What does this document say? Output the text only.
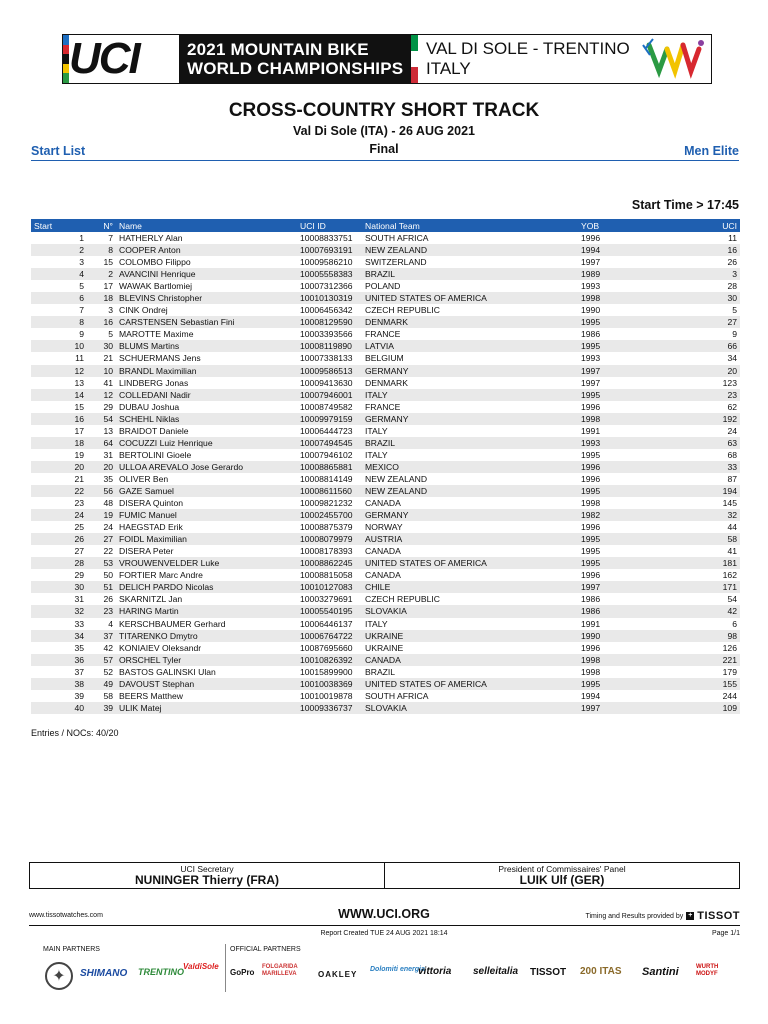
UCI	2021 MOUNTAIN BIKE
WORLD CHAMPIONSHIPS
VAL DI SOLE - TRENTINO
ITALY
CROSS-COUNTRY SHORT TRACK
Val Di Sole (ITA) - 26 AUG 2021
Final
Start List	Men Elite
Start Time > 17:45
Start	N°	Name	UCI ID	National Team	YOB	UCI
1	7	HATHERLY Alan	10008833751	SOUTH AFRICA	1996	11
2	8	COOPER Anton	10007693191	NEW ZEALAND	1994	16
3	15	COLOMBO Filippo	10009586210	SWITZERLAND	1997	26
4	2	AVANCINI Henrique	10005558383	BRAZIL	1989	3
5	17	WAWAK Bartlomiej	10007312366	POLAND	1993	28
6	18	BLEVINS Christopher	10010130319	UNITED STATES OF AMERICA	1998	30
7	3	CINK Ondrej	10006456342	CZECH REPUBLIC	1990	5
8	16	CARSTENSEN Sebastian Fini	10008129590	DENMARK	1995	27
9	5	MAROTTE Maxime	10003393566	FRANCE	1986	9
10	30	BLUMS Martins	10008119890	LATVIA	1995	66
11	21	SCHUERMANS Jens	10007338133	BELGIUM	1993	34
12	10	BRANDL Maximilian	10009586513	GERMANY	1997	20
13	41	LINDBERG Jonas	10009413630	DENMARK	1997	123
14	12	COLLEDANI Nadir	10007946001	ITALY	1995	23
15	29	DUBAU Joshua	10008749582	FRANCE	1996	62
16	54	SCHEHL Niklas	10009979159	GERMANY	1998	192
17	13	BRAIDOT Daniele	10006444723	ITALY	1991	24
18	64	COCUZZI Luiz Henrique	10007494545	BRAZIL	1993	63
19	31	BERTOLINI Gioele	10007946102	ITALY	1995	68
20	20	ULLOA AREVALO Jose Gerardo	10008865881	MEXICO	1996	33
21	35	OLIVER Ben	10008814149	NEW ZEALAND	1996	87
22	56	GAZE Samuel	10008611560	NEW ZEALAND	1995	194
23	48	DISERA Quinton	10009821232	CANADA	1998	145
24	19	FUMIC Manuel	10002455700	GERMANY	1982	32
25	24	HAEGSTAD Erik	10008875379	NORWAY	1996	44
26	27	FOIDL Maximilian	10008079979	AUSTRIA	1995	58
27	22	DISERA Peter	10008178393	CANADA	1995	41
28	53	VROUWENVELDER Luke	10008862245	UNITED STATES OF AMERICA	1995	181
29	50	FORTIER Marc Andre	10008815058	CANADA	1996	162
30	51	DELICH PARDO Nicolas	10010127083	CHILE	1997	171
31	26	SKARNITZL Jan	10003279691	CZECH REPUBLIC	1986	54
32	23	HARING Martin	10005540195	SLOVAKIA	1986	42
33	4	KERSCHBAUMER Gerhard	10006446137	ITALY	1991	6
34	37	TITARENKO Dmytro	10006764722	UKRAINE	1990	98
35	42	KONIAIEV Oleksandr	10087695660	UKRAINE	1996	126
36	57	ORSCHEL Tyler	10010826392	CANADA	1998	221
37	52	BASTOS GALINSKI Ulan	10015899900	BRAZIL	1998	179
38	49	DAVOUST Stephan	10010038369	UNITED STATES OF AMERICA	1995	155
39	58	BEERS Matthew	10010019878	SOUTH AFRICA	1994	244
40	39	ULIK Matej	10009336737	SLOVAKIA	1997	109
Entries / NOCs: 40/20
UCI Secretary
NUNINGER Thierry (FRA)
President of Commissaires' Panel
LUIK Ulf (GER)
www.tissotwatches.com	WWW.UCI.ORG	Timing and Results provided by + TISSOT
Report Created TUE 24 AUG 2021 18:14	Page 1/1
MAIN PARTNERS	OFFICIAL PARTNERS
✦	SHIMANO TRENTINO
ValdiSole
GoPro
FOLGARIDA MARILLEVA	OAKLEY
Dolomiti energia
vittoria selleitalia TISSOT 200 ITAS Santini	WURTH MODYF
